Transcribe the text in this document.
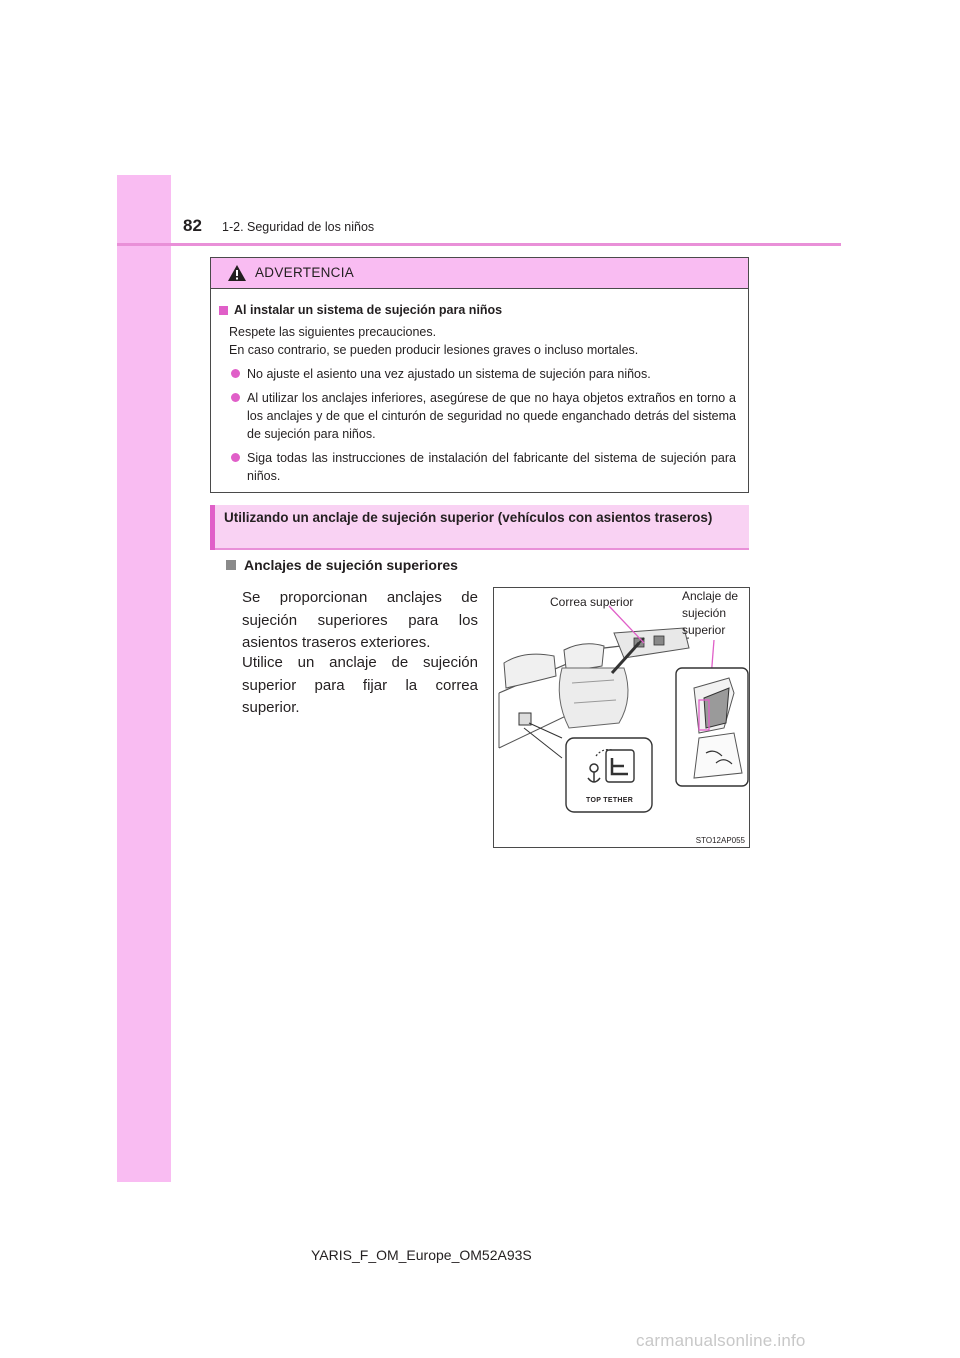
82 1-2. Seguridad de los niños
ADVERTENCIA
Al instalar un sistema de sujeción para niños
Respete las siguientes precauciones.
En caso contrario, se pueden producir lesiones graves o incluso mortales.
No ajuste el asiento una vez ajustado un sistema de sujeción para niños.
Al utilizar los anclajes inferiores, asegúrese de que no haya objetos extraños en torno a los anclajes y de que el cinturón de seguridad no quede enganchado detrás del sistema de sujeción para niños.
Siga todas las instrucciones de instalación del fabricante del sistema de sujeción para niños.
Utilizando un anclaje de sujeción superior (vehículos con asientos traseros)
Anclajes de sujeción superiores
Se proporcionan anclajes de sujeción superiores para los asientos traseros exteriores.
Utilice un anclaje de sujeción superior para fijar la correa superior.
Correa superior	Anclaje de
sujeción
superior
TOP TETHER
STO12AP055
YARIS_F_OM_Europe_OM52A93S
carmanualsonline.info
